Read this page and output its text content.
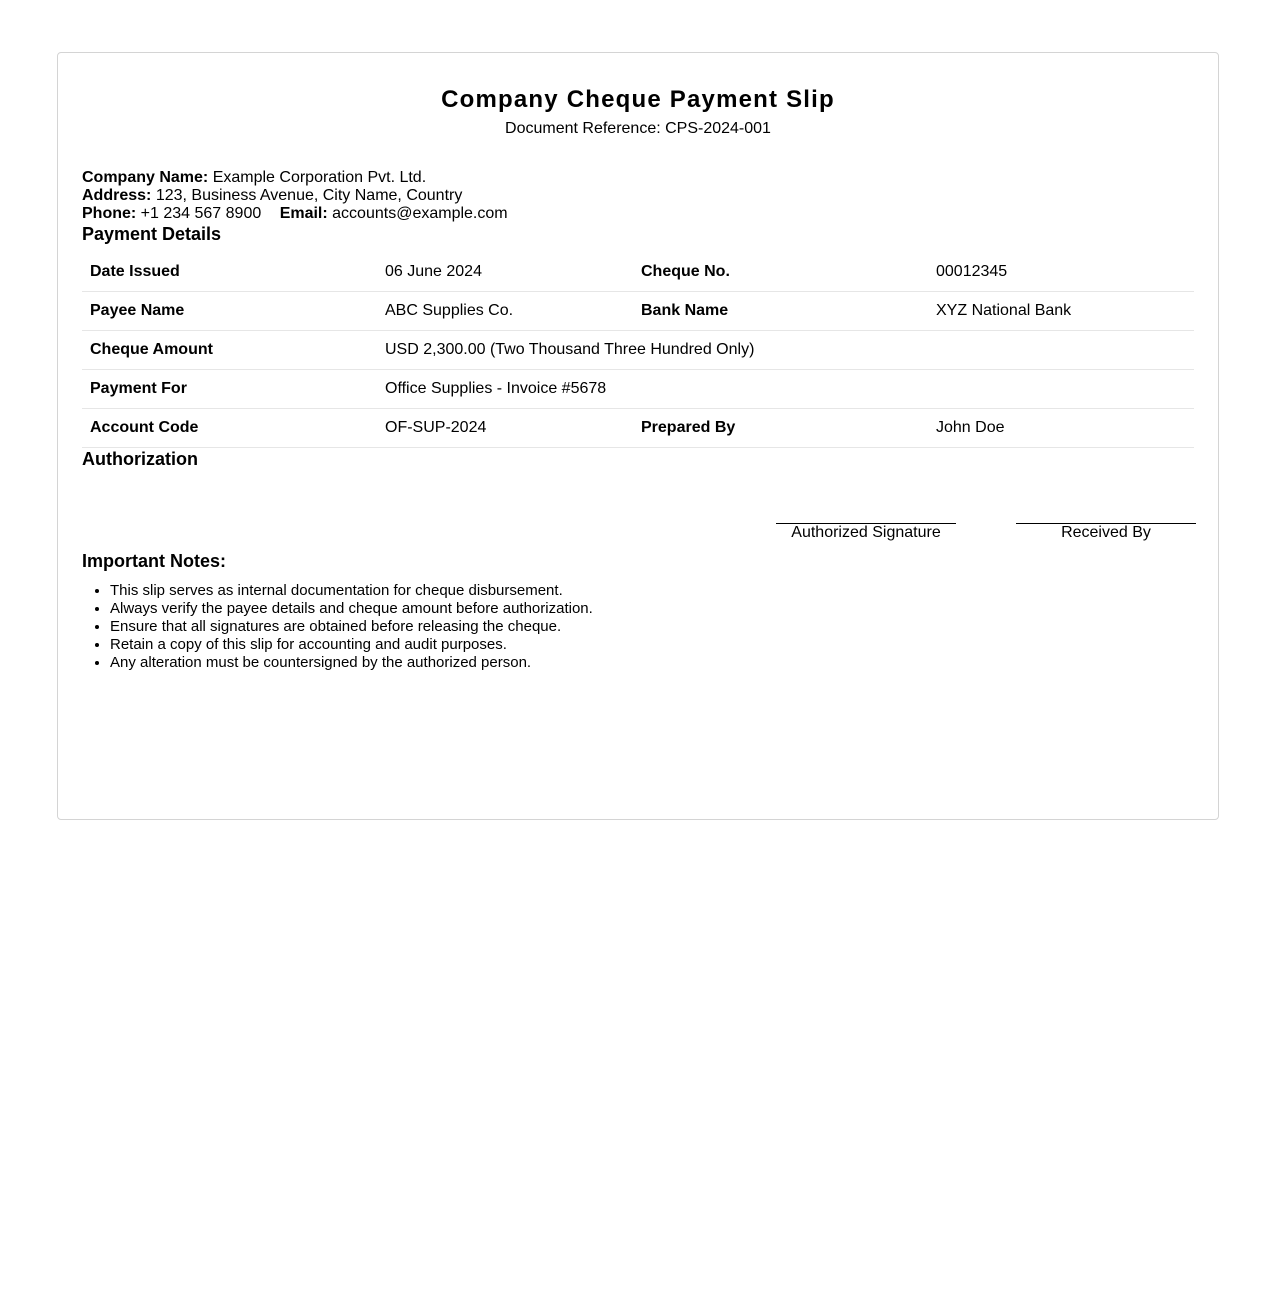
Company Cheque Payment Slip
Document Reference: CPS-2024-001
Company Name: Example Corporation Pvt. Ltd.
Address: 123, Business Avenue, City Name, Country
Phone: +1 234 567 8900 Email: accounts@example.com
Payment Details
Date Issued	06 June 2024	Cheque No.	00012345
Payee Name	ABC Supplies Co.	Bank Name	XYZ National Bank
Cheque Amount	USD 2,300.00 (Two Thousand Three Hundred Only)		
Payment For	Office Supplies - Invoice #5678		
Account Code	OF-SUP-2024	Prepared By	John Doe
Authorization
Authorized Signature	Received By
Important Notes:
• This slip serves as internal documentation for cheque disbursement.
• Always verify the payee details and cheque amount before authorization.
• Ensure that all signatures are obtained before releasing the cheque.
• Retain a copy of this slip for accounting and audit purposes.
• Any alteration must be countersigned by the authorized person.
